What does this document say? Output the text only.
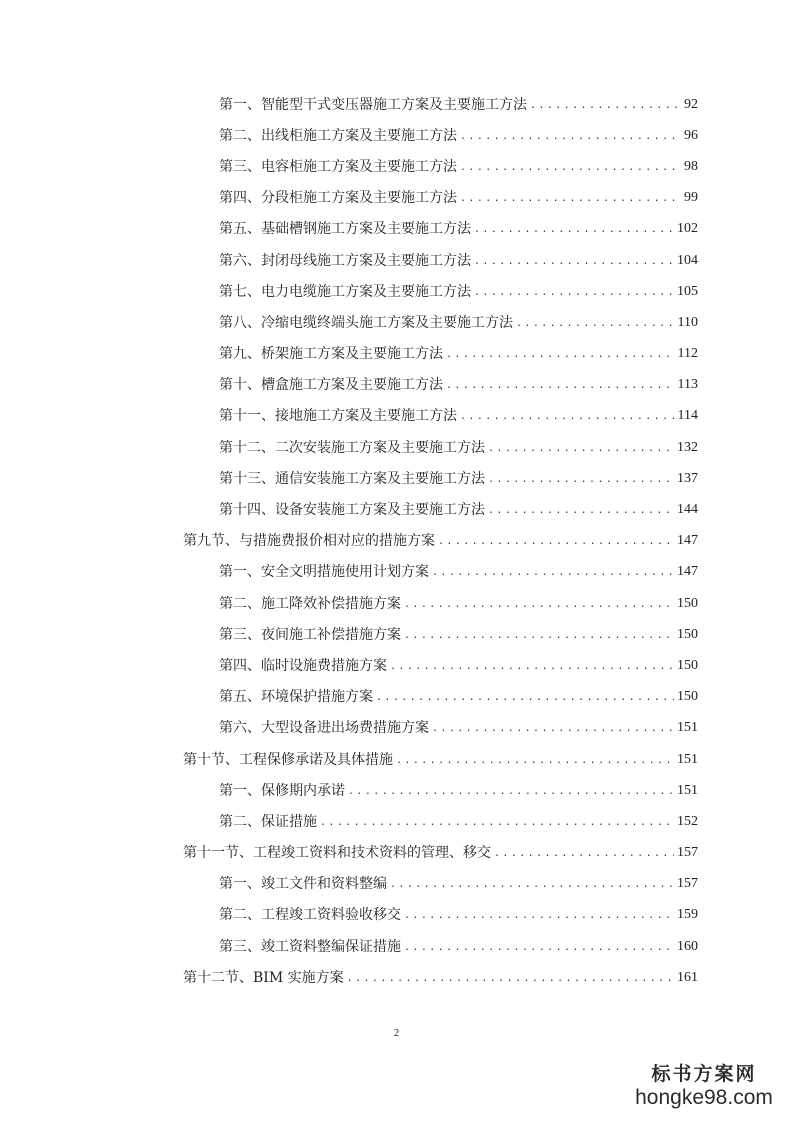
第一、智能型干式变压器施工方案及主要施工方法 .....	92
第二、出线柜施工方案及主要施工方法 .....	96
第三、电容柜施工方案及主要施工方法 .....	98
第四、分段柜施工方案及主要施工方法 .....	99
第五、基础槽钢施工方案及主要施工方法 .....	102
第六、封闭母线施工方案及主要施工方法 .....	104
第七、电力电缆施工方案及主要施工方法 .....	105
第八、冷缩电缆终端头施工方案及主要施工方法 .....	110
第九、桥架施工方案及主要施工方法 .....	112
第十、槽盒施工方案及主要施工方法 .....	113
第十一、接地施工方案及主要施工方法 .....	114
第十二、二次安装施工方案及主要施工方法 .....	132
第十三、通信安装施工方案及主要施工方法 .....	137
第十四、设备安装施工方案及主要施工方法 .....	144
第九节、与措施费报价相对应的措施方案 .....	147
第一、安全文明措施使用计划方案 .....	147
第二、施工降效补偿措施方案 .....	150
第三、夜间施工补偿措施方案 .....	150
第四、临时设施费措施方案 .....	150
第五、环境保护措施方案 .....	150
第六、大型设备进出场费措施方案 .....	151
第十节、工程保修承诺及具体措施 .....	151
第一、保修期内承诺 .....	151
第二、保证措施 .....	152
第十一节、工程竣工资料和技术资料的管理、移交 .....	157
第一、竣工文件和资料整编 .....	157
第二、工程竣工资料验收移交 .....	159
第三、竣工资料整编保证措施 .....	160
第十二节、BIM 实施方案 .....	161
2
标书方案网
hongke98.com
